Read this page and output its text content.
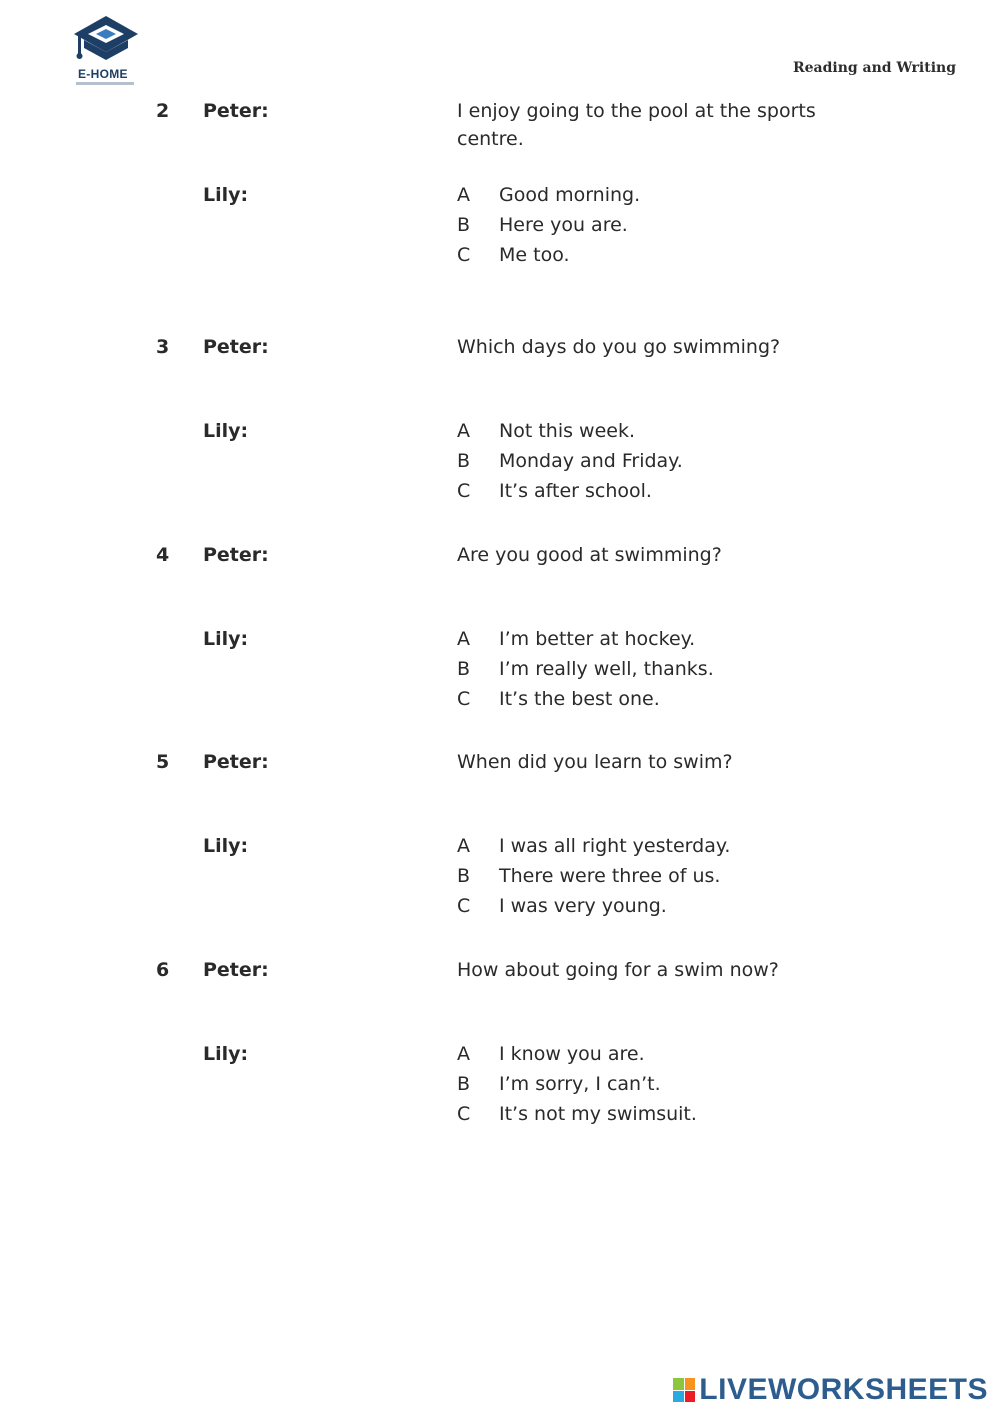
E-HOME	Reading and Writing
2 Peter:	I enjoy going to the pool at the sports centre.
Lily:	A Good morning.
B Here you are.
C Me too.
3 Peter:	Which days do you go swimming?
Lily:	A Not this week.
B Monday and Friday.
C It’s after school.
4 Peter:	Are you good at swimming?
Lily:	A I’m better at hockey.
B I’m really well, thanks.
C It’s the best one.
5 Peter:	When did you learn to swim?
Lily:	A I was all right yesterday.
B There were three of us.
C I was very young.
6 Peter:	How about going for a swim now?
Lily:	A I know you are.
B I’m sorry, I can’t.
C It’s not my swimsuit.
LIVEWORKSHEETS
